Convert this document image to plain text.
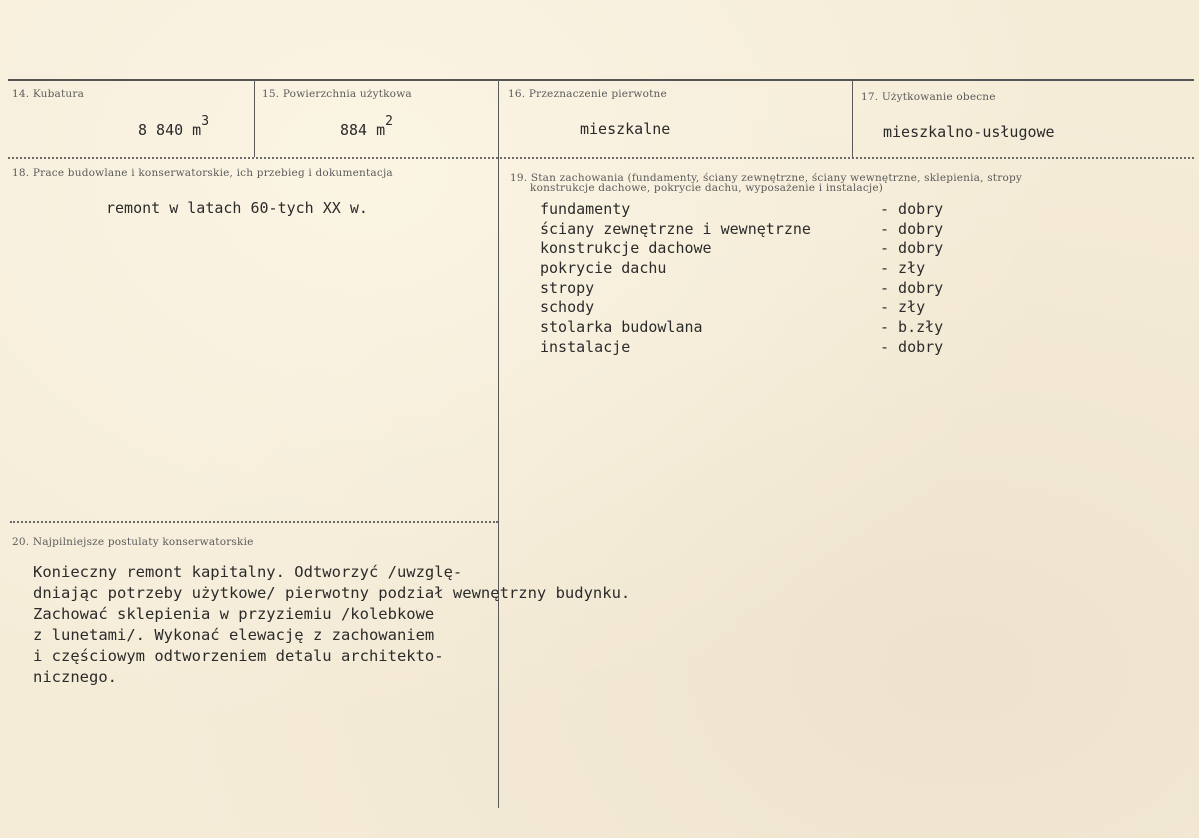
14. Kubatura
8 840 $m^3$
15. Powierzchnia użytkowa
884 $m^2$
16. Przeznaczenie pierwotne
mieszkalne
17. Użytkowanie obecne
mieszkalno-usługowe
18. Prace budowlane i konserwatorskie, ich przebieg i dokumentacja
remont w latach 60-tych XX w.
19. Stan zachowania (fundamenty, ściany zewnętrzne, ściany wewnętrzne, sklepienia, stropy
konstrukcje dachowe, pokrycie dachu, wyposażenie i instalacje)
fundamenty	- dobry
ściany zewnętrzne i wewnętrzne	- dobry
konstrukcje dachowe	- dobry
pokrycie dachu	- zły
stropy	- dobry
schody	- zły
stolarka budowlana	- b.zły
instalacje	- dobry
20. Najpilniejsze postulaty konserwatorskie
Konieczny remont kapitalny. Odtworzyć /uwzglę-
dniając potrzeby użytkowe/ pierwotny podział wewnętrzny budynku.
Zachować sklepienia w przyziemiu /kolebkowe
z lunetami/. Wykonać elewację z zachowaniem
i częściowym odtworzeniem detalu architekto-
nicznego.
